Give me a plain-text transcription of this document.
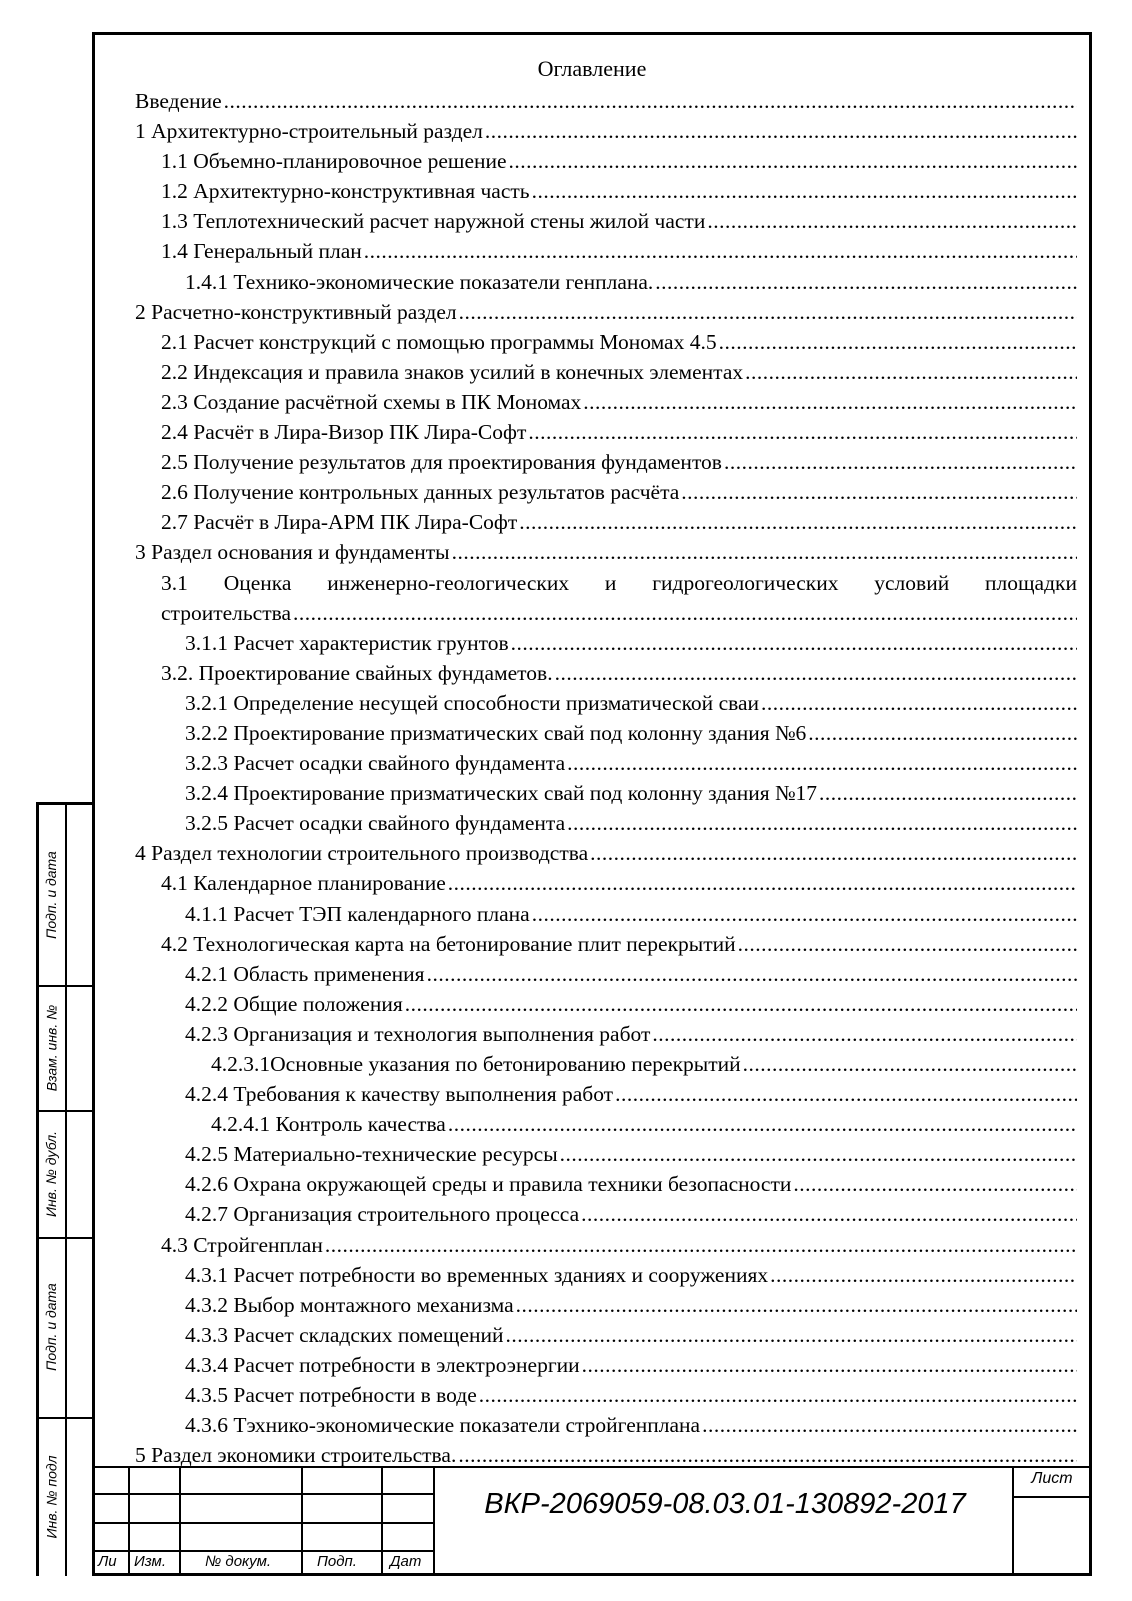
Оглавление
Введение
.....
1 Архитектурно-строительный раздел
.....
1.1 Объемно-планировочное решение
.....
1.2 Архитектурно-конструктивная часть
.....
1.3 Теплотехнический расчет наружной стены жилой части
.....
1.4 Генеральный план
.....
1.4.1 Технико-экономические показатели генплана.
.....
2 Расчетно-конструктивный раздел
.....
2.1 Расчет конструкций с помощью программы Мономах 4.5
.....
2.2 Индексация и правила знаков усилий в конечных элементах
.....
2.3 Создание расчётной схемы в ПК Мономах
.....
2.4 Расчёт в Лира-Визор ПК Лира-Софт
.....
2.5 Получение результатов для проектирования фундаментов
.....
2.6 Получение контрольных данных результатов расчёта
.....
2.7 Расчёт в Лира-АРМ ПК Лира-Софт
.....
3 Раздел основания и фундаменты
.....
3.1 Оценка инженерно-геологических и гидрогеологических условий площадки
строительства
.....
3.1.1 Расчет характеристик грунтов
.....
3.2. Проектирование свайных фундаметов.
.....
3.2.1 Определение несущей способности призматической сваи
.....
3.2.2 Проектирование призматических свай под колонну здания №6
.....
3.2.3 Расчет осадки свайного фундамента
.....
3.2.4 Проектирование призматических свай под колонну здания №17
.....
3.2.5 Расчет осадки свайного фундамента
.....
4 Раздел технологии строительного производства
.....
4.1 Календарное планирование
.....
4.1.1 Расчет ТЭП календарного плана
.....
4.2 Технологическая карта на бетонирование плит перекрытий
.....
4.2.1 Область применения
.....
4.2.2 Общие положения
.....
4.2.3 Организация и технология выполнения работ
.....
4.2.3.1Основные указания по бетонированию перекрытий
.....
4.2.4 Требования к качеству выполнения работ
.....
4.2.4.1 Контроль качества
.....
4.2.5 Материально-технические ресурсы
.....
4.2.6 Охрана окружающей среды и правила техники безопасности
.....
4.2.7 Организация строительного процесса
.....
4.3 Стройгенплан
.....
4.3.1 Расчет потребности во временных зданиях и сооружениях
.....
4.3.2 Выбор монтажного механизма
.....
4.3.3 Расчет складских помещений
.....
4.3.4 Расчет потребности в электроэнергии
.....
4.3.5 Расчет потребности в воде
.....
4.3.6 Тэхнико-экономические показатели стройгенплана
.....
5 Раздел экономики строительства.
.....
Подп. и дата
Взам. инв. №
Инв. № дубл.
Подп. и дата
Инв. № подл
Ли Изм.	№ докум.	Подп. Дат
ВКР-2069059-08.03.01-130892-2017
Лист
